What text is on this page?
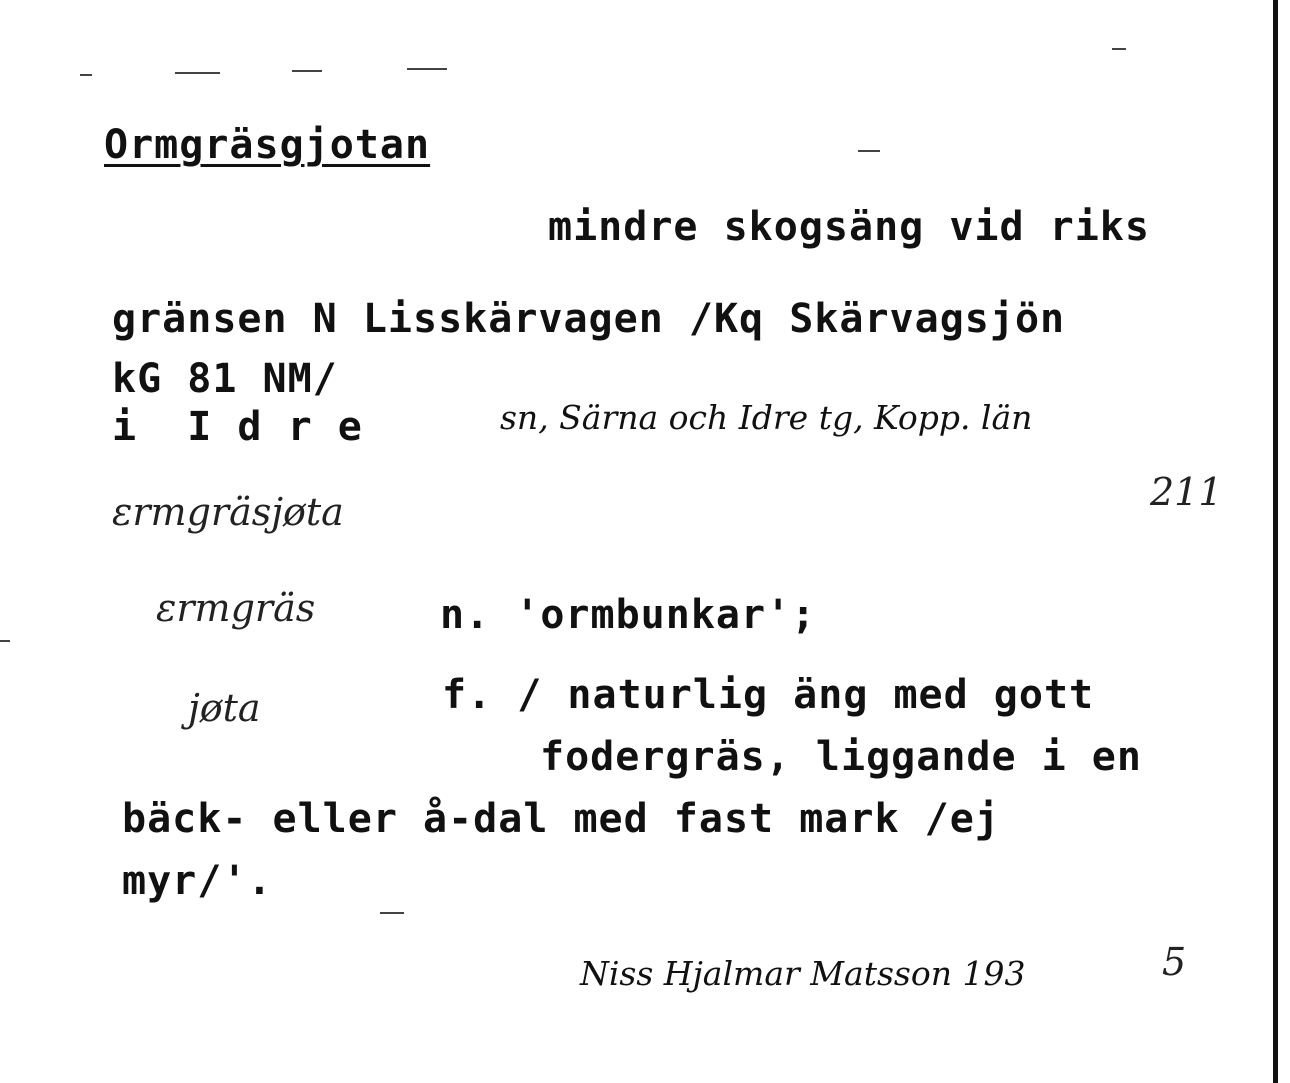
Ormgräsgjotan
mindre skogsäng vid riks
gränsen N Lisskärvagen /Kq Skärvagsjön
kG 81 NM/
i  I d r e	sn, Särna och Idre tg, Kopp. län
211
ɛrmgräsjøta
ɛrmgräs	n. 'ormbunkar';
jøta	f. / naturlig äng med gott
fodergräs, liggande i en
bäck- eller å-dal med fast mark /ej
myr/'.
Niss Hjalmar Matsson 193	5
